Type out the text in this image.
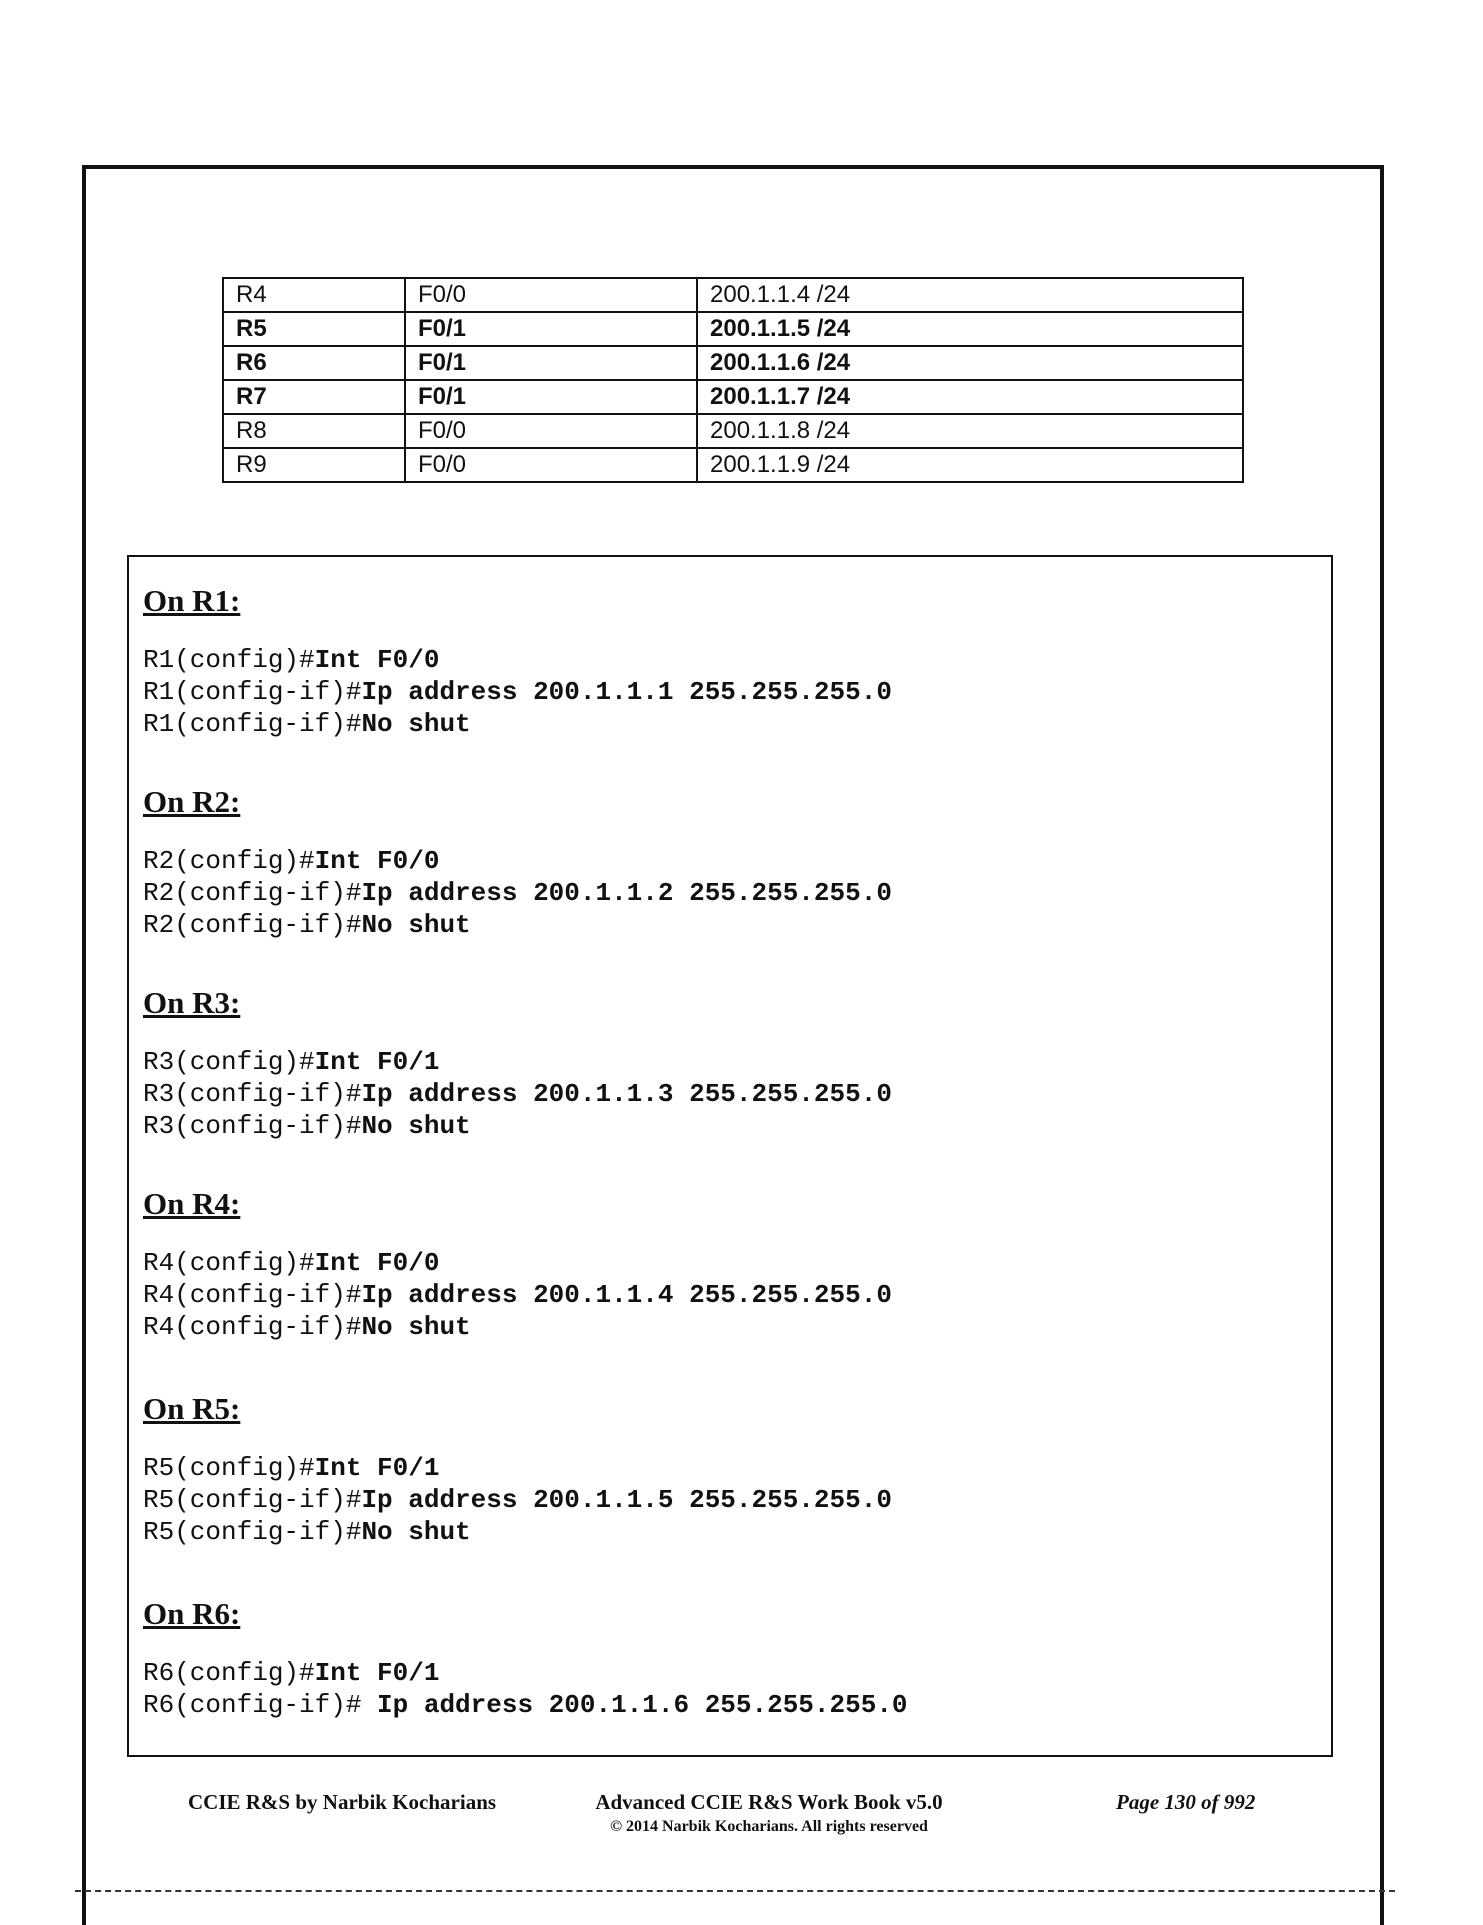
R4	F0/0	200.1.1.4 /24
R5	F0/1	200.1.1.5 /24
R6	F0/1	200.1.1.6 /24
R7	F0/1	200.1.1.7 /24
R8	F0/0	200.1.1.8 /24
R9	F0/0	200.1.1.9 /24
On R1:
R1(config)#Int F0/0
R1(config-if)#Ip address 200.1.1.1 255.255.255.0
R1(config-if)#No shut
On R2:
R2(config)#Int F0/0
R2(config-if)#Ip address 200.1.1.2 255.255.255.0
R2(config-if)#No shut
On R3:
R3(config)#Int F0/1
R3(config-if)#Ip address 200.1.1.3 255.255.255.0
R3(config-if)#No shut
On R4:
R4(config)#Int F0/0
R4(config-if)#Ip address 200.1.1.4 255.255.255.0
R4(config-if)#No shut
On R5:
R5(config)#Int F0/1
R5(config-if)#Ip address 200.1.1.5 255.255.255.0
R5(config-if)#No shut
On R6:
R6(config)#Int F0/1
R6(config-if)# Ip address 200.1.1.6 255.255.255.0
CCIE R&S by Narbik Kocharians	Advanced CCIE R&S Work Book v5.0
© 2014 Narbik Kocharians. All rights reserved
Page 130 of 992
